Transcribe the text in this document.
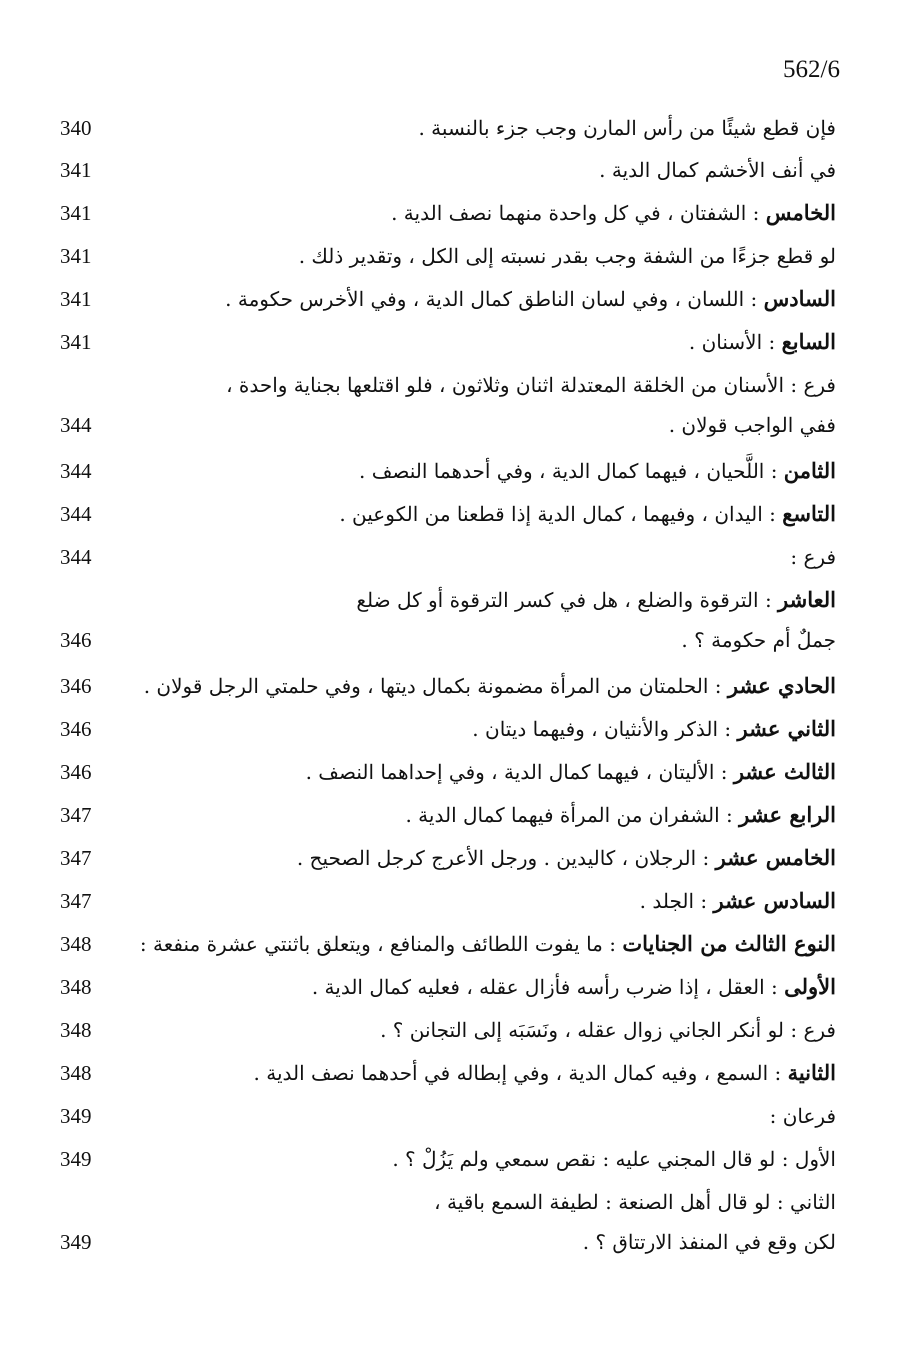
562/6
فإن قطع شيئًا من رأس المارن وجب جزء بالنسبة .
340
في أنف الأخشم كمال الدية .
341
الخامس : الشفتان ، في كل واحدة منهما نصف الدية .
341
لو قطع جزءًا من الشفة وجب بقدر نسبته إلى الكل ، وتقدير ذلك .
341
السادس : اللسان ، وفي لسان الناطق كمال الدية ، وفي الأخرس حكومة .
341
السابع : الأسنان .
341
فرع : الأسنان من الخلقة المعتدلة اثنان وثلاثون ، فلو اقتلعها بجناية واحدة ،
ففي الواجب قولان .
344
الثامن : اللَّحيان ، فيهما كمال الدية ، وفي أحدهما النصف .
344
التاسع : اليدان ، وفيهما ، كمال الدية إذا قطعنا من الكوعين .
344
فرع :
344
العاشر : الترقوة والضلع ، هل في كسر الترقوة أو كل ضلع
جملٌ أم حكومة ؟ .
346
الحادي عشر : الحلمتان من المرأة مضمونة بكمال ديتها ، وفي حلمتي الرجل قولان .
346
الثاني عشر : الذكر والأنثيان ، وفيهما ديتان .
346
الثالث عشر : الأليتان ، فيهما كمال الدية ، وفي إحداهما النصف .
346
الرابع عشر : الشفران من المرأة فيهما كمال الدية .
347
الخامس عشر : الرجلان ، كاليدين . ورجل الأعرج كرجل الصحيح .
347
السادس عشر : الجلد .
347
النوع الثالث من الجنايات : ما يفوت اللطائف والمنافع ، ويتعلق باثنتي عشرة منفعة :
348
الأولى : العقل ، إذا ضرب رأسه فأزال عقله ، فعليه كمال الدية .
348
فرع : لو أنكر الجاني زوال عقله ، ونَسَبَه إلى التجانن ؟ .
348
الثانية : السمع ، وفيه كمال الدية ، وفي إبطاله في أحدهما نصف الدية .
348
فرعان :
349
الأول : لو قال المجني عليه : نقص سمعي ولم يَزُلْ ؟ .
349
الثاني : لو قال أهل الصنعة : لطيفة السمع باقية ،
لكن وقع في المنفذ الارتتاق ؟ .
349
